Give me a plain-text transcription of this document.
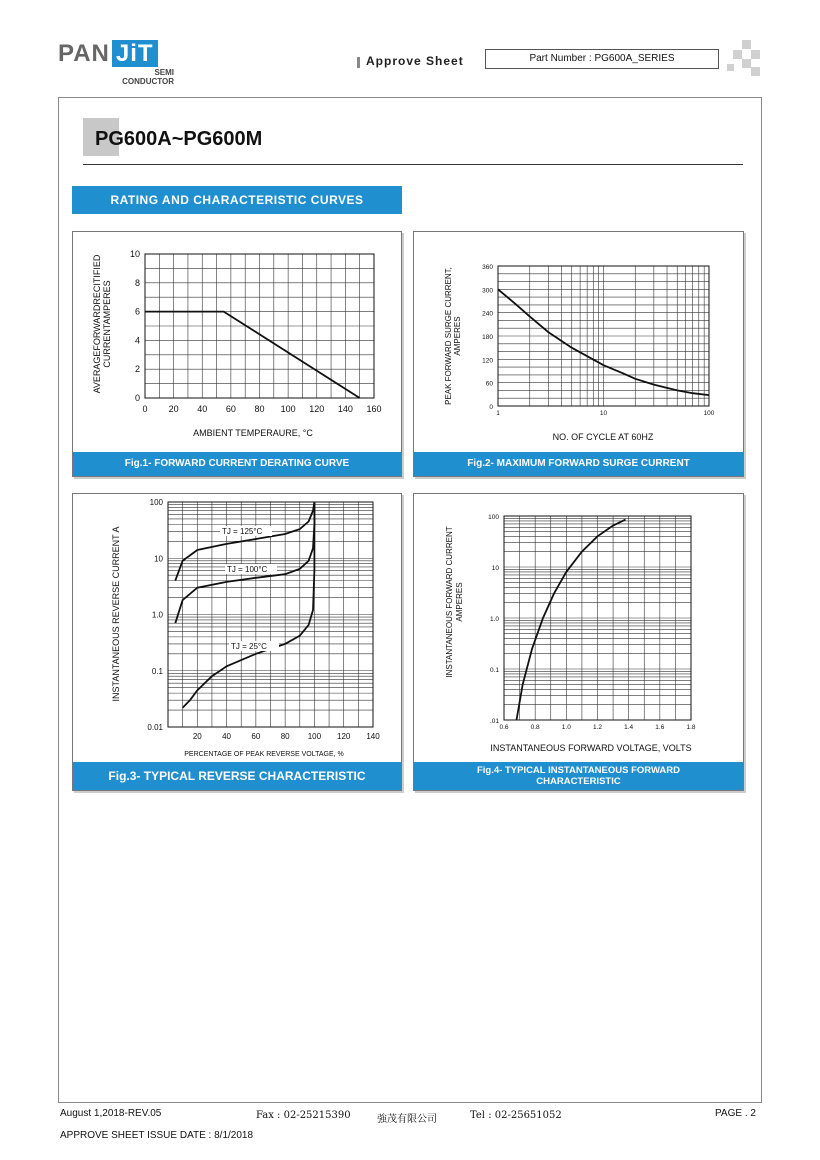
PAN JiT
SEMI
CONDUCTOR
Approve Sheet	Part Number : PG600A_SERIES
PG600A~PG600M
RATING AND CHARACTERISTIC CURVES
0 20 40 60 80 100 120 140 160
0
2
4
6
8
10
AMBIENT TEMPERAURE, °C
AVERAGEFORWARDRECITIFIED CURRENTAMPERES
Fig.1- FORWARD CURRENT DERATING CURVE
1	10	100
0
60
120
180
240
300
360
NO. OF CYCLE AT 60HZ
PEAK FORWARD SURGE CURRENT, AMPERES
Fig.2- MAXIMUM FORWARD SURGE CURRENT
20	40	60	80 100 120 140
100
10
1.0
0.1
0.01
PERCENTAGE OF PEAK REVERSE VOLTAGE, %
INSTANTANEOUS REVERSE CURRENT A	TJ = 125°C
TJ = 100°C
TJ = 25°C
Fig.3- TYPICAL REVERSE CHARACTERISTIC
0.6	0.8	1.0	1.2	1.4	1.6	1.8
.01
0.1
1.0
10
100
INSTANTANEOUS FORWARD VOLTAGE, VOLTS
INSTANTANEOUS FORWARD CURRENT AMPERES
Fig.4- TYPICAL INSTANTANEOUS FORWARD
CHARACTERISTIC
August 1,2018-REV.05	Fax : 02-25215390	強茂有限公司	Tel : 02-25651052	PAGE . 2
APPROVE SHEET ISSUE DATE : 8/1/2018
